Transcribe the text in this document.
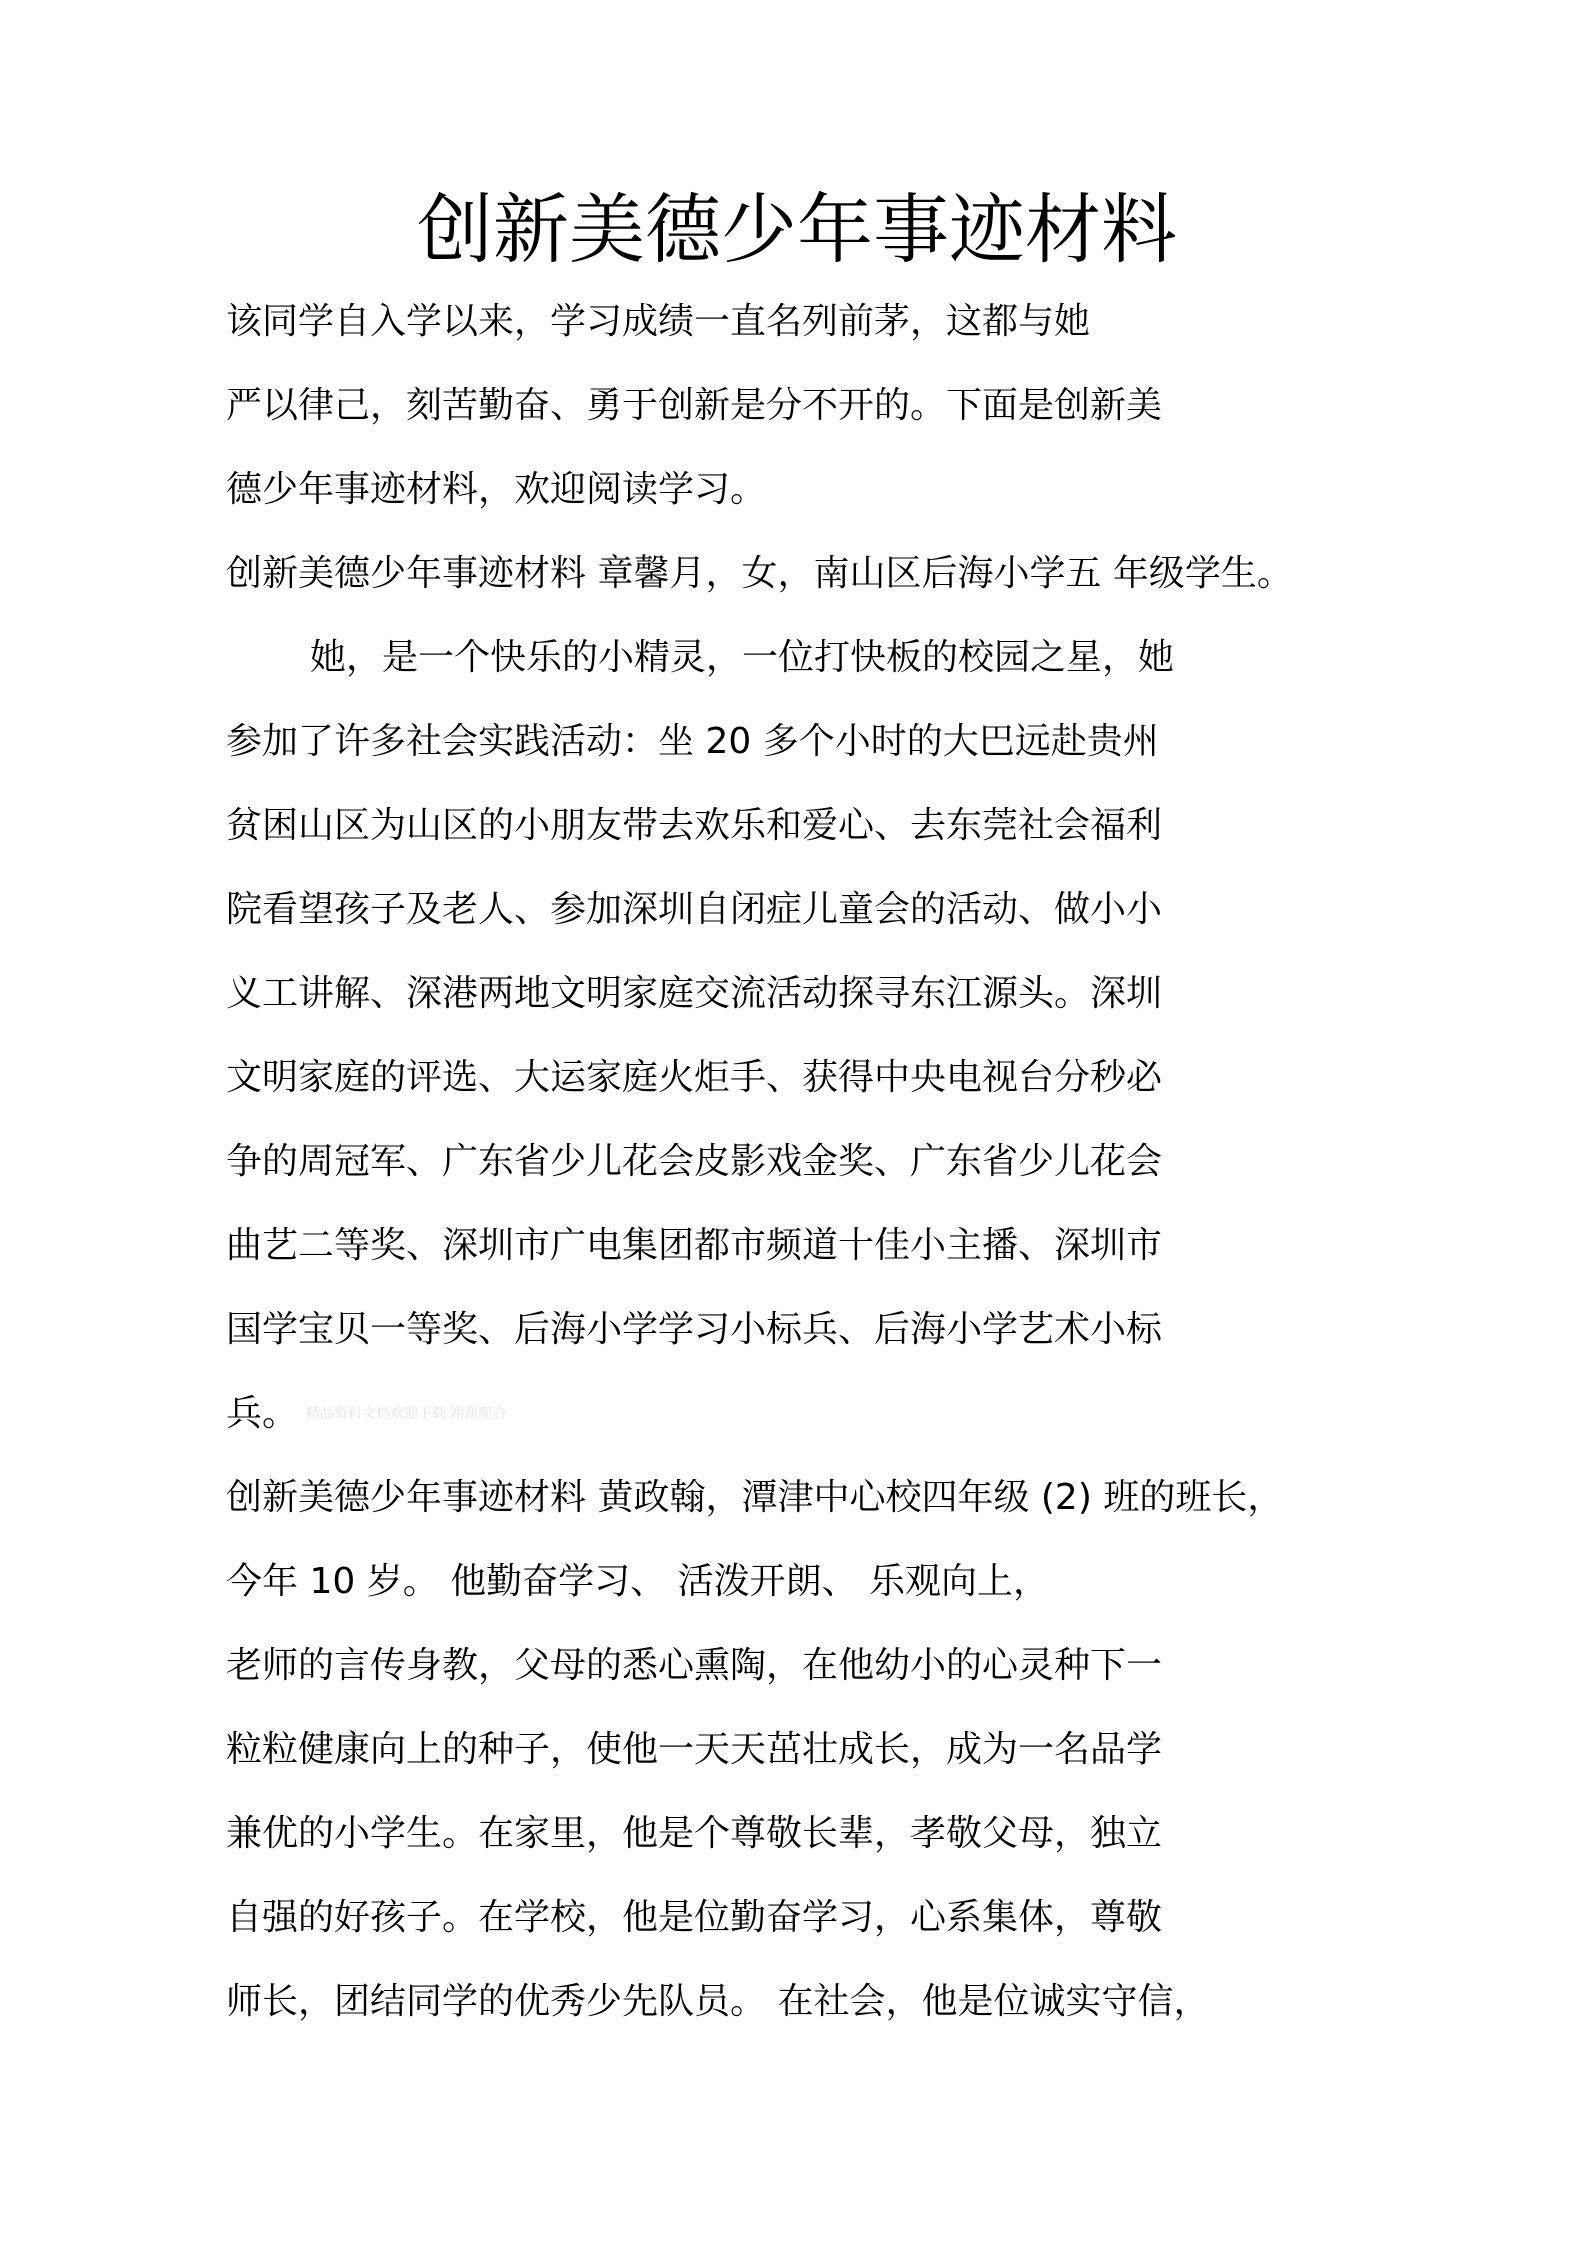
创新美德少年事迹材料
该同学自入学以来，学习成绩一直名列前茅，这都与她
严以律己，刻苦勤奋、勇于创新是分不开的。下面是创新美
德少年事迹材料，欢迎阅读学习。
创新美德少年事迹材料 章馨月，女，南山区后海小学五 年级学生。
她，是一个快乐的小精灵，一位打快板的校园之星，她
参加了许多社会实践活动：坐 20 多个小时的大巴远赴贵州
贫困山区为山区的小朋友带去欢乐和爱心、去东莞社会福利
院看望孩子及老人、参加深圳自闭症儿童会的活动、做小小
义工讲解、深港两地文明家庭交流活动探寻东江源头。深圳
文明家庭的评选、大运家庭火炬手、获得中央电视台分秒必
争的周冠军、广东省少儿花会皮影戏金奖、广东省少儿花会
曲艺二等奖、深圳市广电集团都市频道十佳小主播、深圳市
国学宝贝一等奖、后海小学学习小标兵、后海小学艺术小标
兵。 精品资料文档欢迎下载 谢谢配合
创新美德少年事迹材料 黄政翰，潭津中心校四年级 (2) 班的班长，
今年 10 岁。 他勤奋学习、 活泼开朗、 乐观向上，
老师的言传身教，父母的悉心熏陶，在他幼小的心灵种下一
粒粒健康向上的种子，使他一天天茁壮成长，成为一名品学
兼优的小学生。在家里，他是个尊敬长辈，孝敬父母，独立
自强的好孩子。在学校，他是位勤奋学习，心系集体，尊敬
师长，团结同学的优秀少先队员。 在社会，他是位诚实守信，
